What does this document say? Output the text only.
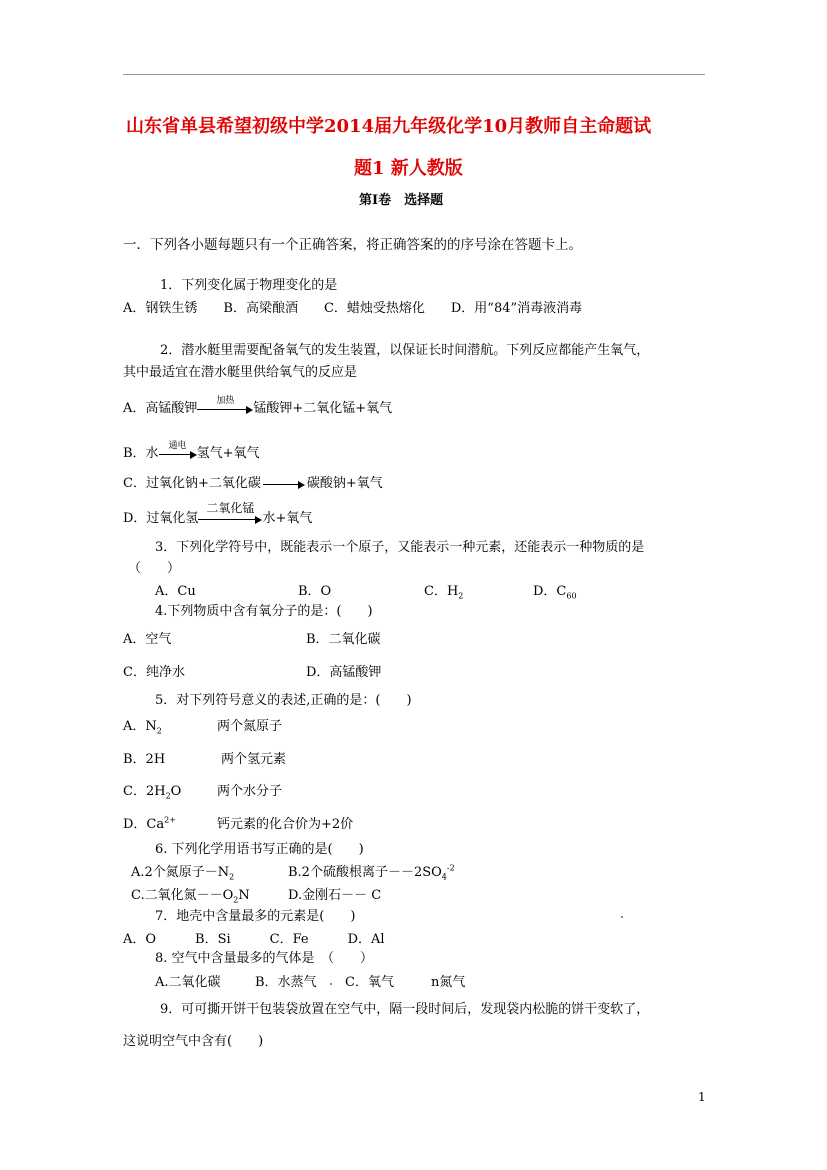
山东省单县希望初级中学2014届九年级化学10月教师自主命题试
题1 新人教版
第Ⅰ卷　选择题
一．下列各小题每题只有一个正确答案，将正确答案的的序号涂在答题卡上。
1．下列变化属于物理变化的是
A．钢铁生锈　　B．高梁酿酒　　C．蜡烛受热熔化　　D．用“84”消毒液消毒
2．潜水艇里需要配备氧气的发生装置，以保证长时间潜航。下列反应都能产生氧气，
其中最适宜在潜水艇里供给氧气的反应是
A．高锰酸钾
加热
锰酸钾+二氧化锰+氧气
B．水
通电
氢气+氧气
C．过氧化钠+二氧化碳	碳酸钠+氧气
D．过氧化氢
二氧化锰
水+氧气
3．下列化学符号中，既能表示一个原子，又能表示一种元素，还能表示一种物质的是
（　　）
A．Cu	B．O	C．$H_2$	D．$C_{60}$
4.下列物质中含有氧分子的是：(　　)
A．空气	B．二氧化碳
C．纯净水	D．高锰酸钾
5．对下列符号意义的表述,正确的是：(　　)
A．$N_2$	两个氮原子
B．2H	两个氢元素
C．$2H_2O$	两个水分子
D．$Ca^{2+}$	钙元素的化合价为+2价
6. 下列化学用语书写正确的是(　　)
A.2个氮原子$-N_2$	B.2个硫酸根离子$--2SO_4^{-2}$
C.二氧化氮$--O_2N$	D.金刚石－－ C
7．地壳中含量最多的元素是(　　)
A．O　　　B．Si　　　C．Fe　　　D．Al
8. 空气中含量最多的气体是　（　　）
A.二氧化碳	B．水蒸气 C．氧气	n氮气
9．可可撕开饼干包装袋放置在空气中，隔一段时间后，发现袋内松脆的饼干变软了，
这说明空气中含有(　　)
1
